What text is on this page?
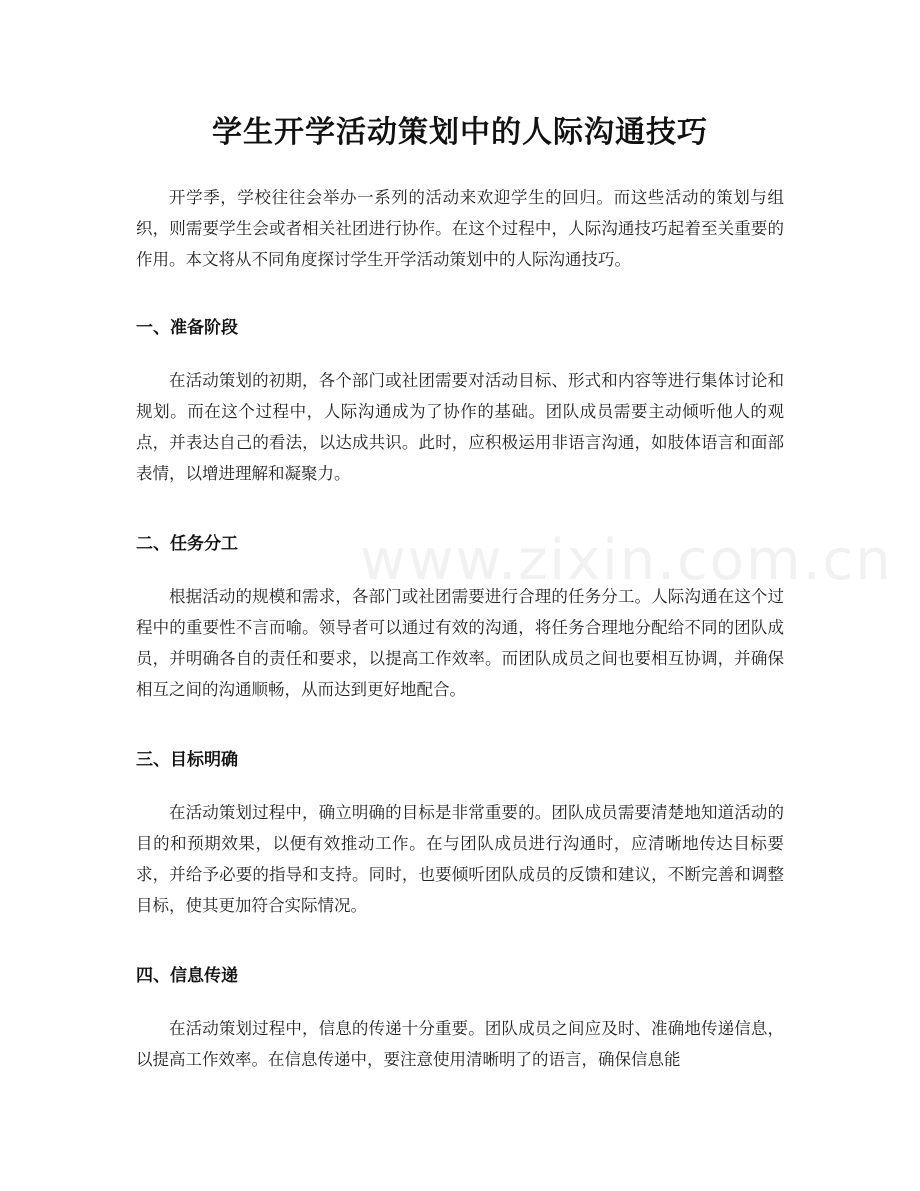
学生开学活动策划中的人际沟通技巧

开学季，学校往往会举办一系列的活动来欢迎学生的回归。而这些活动的策划与组织，则需要学生会或者相关社团进行协作。在这个过程中，人际沟通技巧起着至关重要的作用。本文将从不同角度探讨学生开学活动策划中的人际沟通技巧。

一、准备阶段

在活动策划的初期，各个部门或社团需要对活动目标、形式和内容等进行集体讨论和规划。而在这个过程中，人际沟通成为了协作的基础。团队成员需要主动倾听他人的观点，并表达自己的看法，以达成共识。此时，应积极运用非语言沟通，如肢体语言和面部表情，以增进理解和凝聚力。

二、任务分工

根据活动的规模和需求，各部门或社团需要进行合理的任务分工。人际沟通在这个过程中的重要性不言而喻。领导者可以通过有效的沟通，将任务合理地分配给不同的团队成员，并明确各自的责任和要求，以提高工作效率。而团队成员之间也要相互协调，并确保相互之间的沟通顺畅，从而达到更好地配合。

三、目标明确

在活动策划过程中，确立明确的目标是非常重要的。团队成员需要清楚地知道活动的目的和预期效果，以便有效推动工作。在与团队成员进行沟通时，应清晰地传达目标要求，并给予必要的指导和支持。同时，也要倾听团队成员的反馈和建议，不断完善和调整目标，使其更加符合实际情况。

四、信息传递

在活动策划过程中，信息的传递十分重要。团队成员之间应及时、准确地传递信息，以提高工作效率。在信息传递中，要注意使用清晰明了的语言，确保信息能

www.zixin.com.cn
